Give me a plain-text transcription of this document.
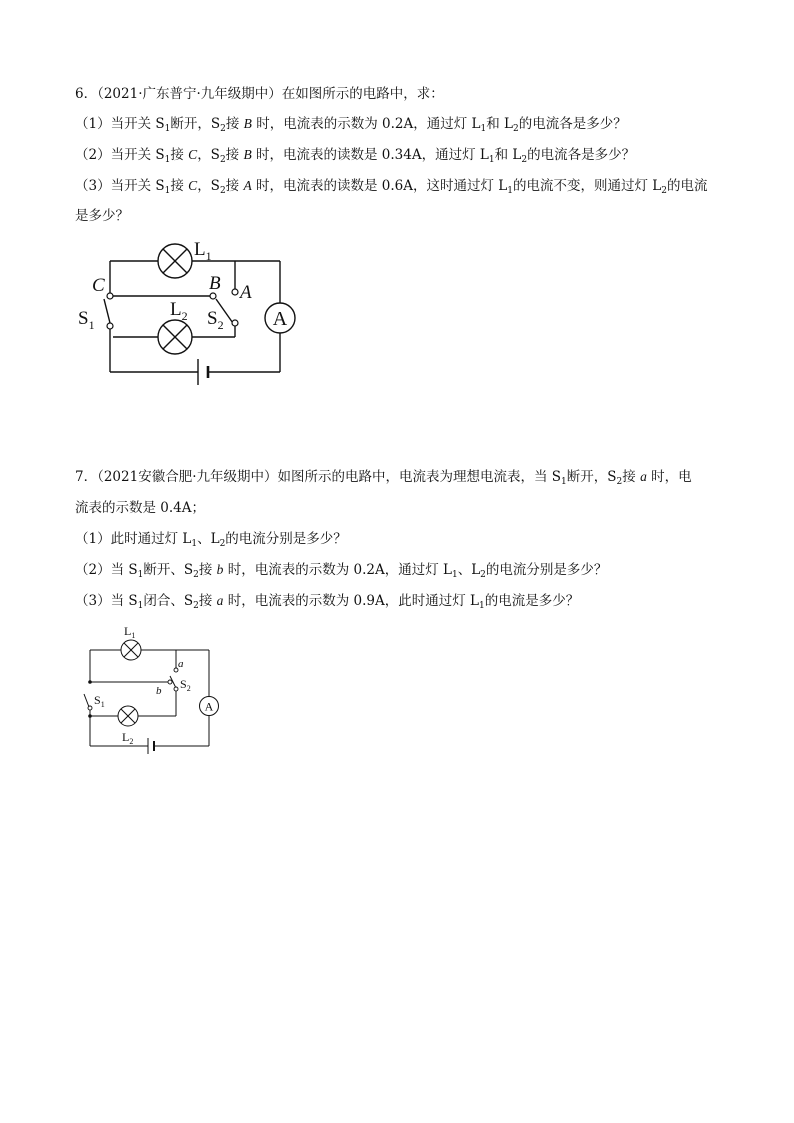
6．（2021·广东普宁·九年级期中）在如图所示的电路中，求：
（1）当开关 $S_1$断开，$S_2$接 B 时，电流表的示数为 0.2A，通过灯 $L_1$和 $L_2$的电流各是多少？
（2）当开关 $S_1$接 C，$S_2$接 B 时，电流表的读数是 0.34A，通过灯 $L_1$和 $L_2$的电流各是多少？
（3）当开关 $S_1$接 C，$S_2$接 A 时，电流表的读数是 0.6A，这时通过灯 $L_1$的电流不变，则通过灯 $L_2$的电流
是多少？
A
$L_1$
$L_2$
C	B A
$S_1$	$S_2$
7．（2021安徽合肥·九年级期中）如图所示的电路中，电流表为理想电流表，当 $S_1$断开，$S_2$接 a 时，电
流表的示数是 0.4A；
（1）此时通过灯 $L_1$、$L_2$的电流分别是多少？
（2）当 $S_1$断开、$S_2$接 b 时，电流表的示数为 0.2A，通过灯 $L_1$、$L_2$的电流分别是多少？
（3）当 $S_1$闭合、$S_2$接 a 时，电流表的示数为 0.9A，此时通过灯 $L_1$的电流是多少？
A
$L_1$
$L_2$
$S_1$
$S_2$
a
b
